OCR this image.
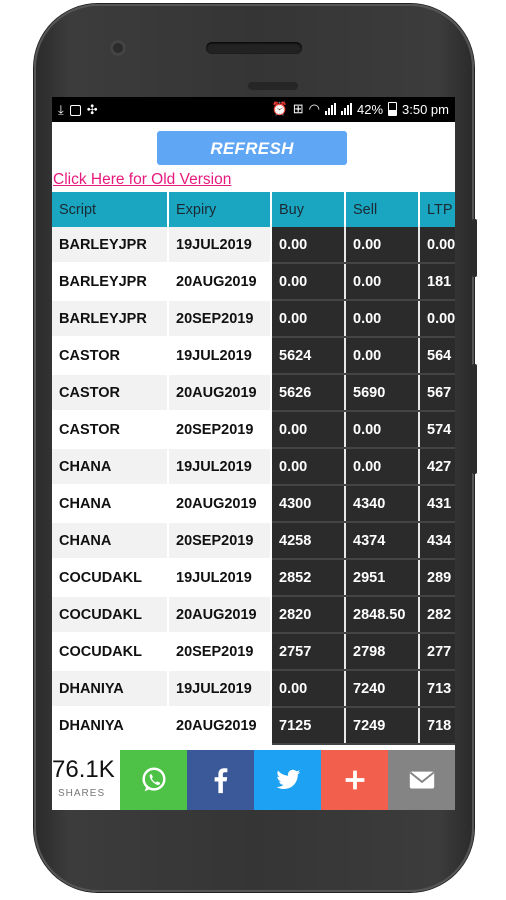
⤓ ✣	⏰ ⊞ ◠	42% 3:50 pm
REFRESH
Click Here for Old Version
Script	Expiry	Buy	Sell	LTP
BARLEYJPR	19JUL2019	0.00	0.00	0.00
BARLEYJPR	20AUG2019	0.00	0.00	181
BARLEYJPR	20SEP2019	0.00	0.00	0.00
CASTOR	19JUL2019	5624	0.00	564
CASTOR	20AUG2019	5626	5690	567
CASTOR	20SEP2019	0.00	0.00	574
CHANA	19JUL2019	0.00	0.00	427
CHANA	20AUG2019	4300	4340	431
CHANA	20SEP2019	4258	4374	434
COCUDAKL	19JUL2019	2852	2951	289
COCUDAKL	20AUG2019	2820	2848.50	282
COCUDAKL	20SEP2019	2757	2798	277
DHANIYA	19JUL2019	0.00	7240	713
DHANIYA	20AUG2019	7125	7249	718
76.1K
SHARES
